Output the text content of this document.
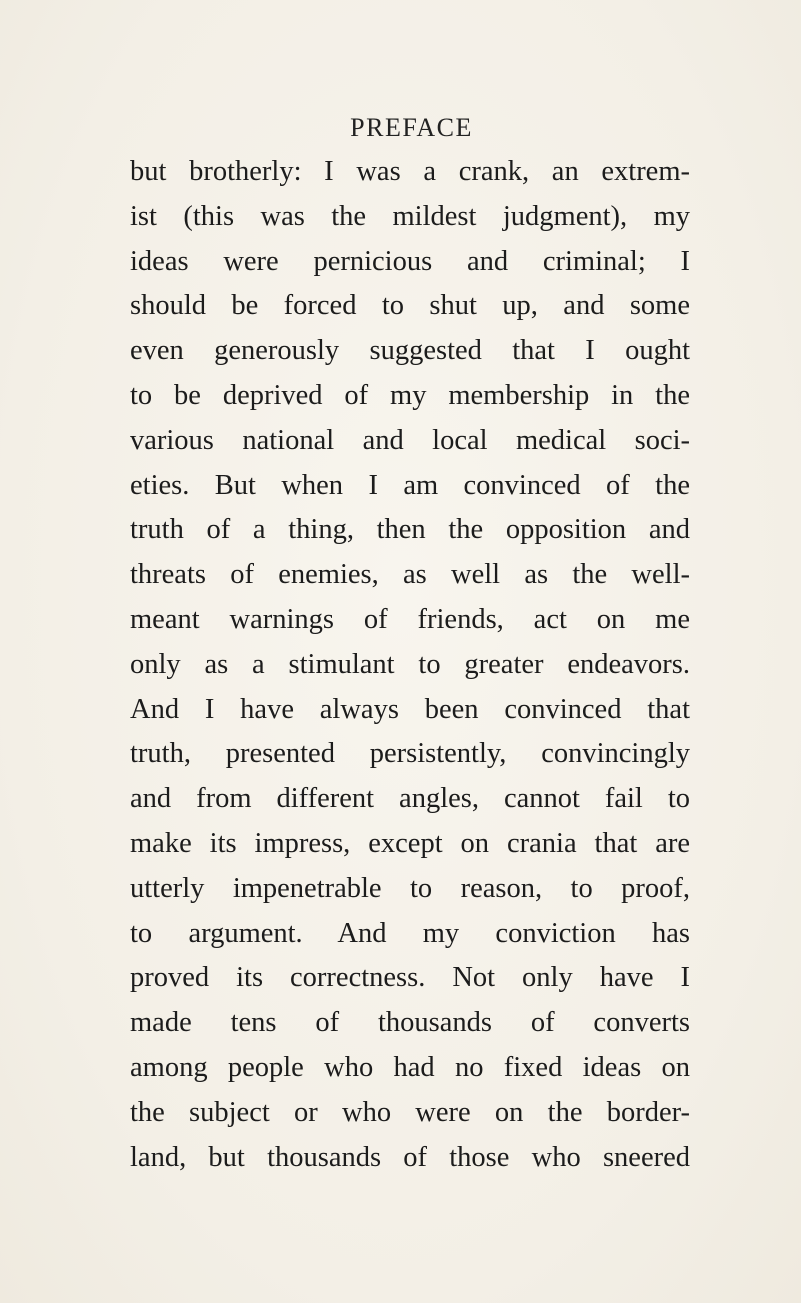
PREFACE
but brotherly: I was a crank, an extrem-
ist (this was the mildest judgment), my
ideas were pernicious and criminal; I
should be forced to shut up, and some
even generously suggested that I ought
to be deprived of my membership in the
various national and local medical soci-
eties. But when I am convinced of the
truth of a thing, then the opposition and
threats of enemies, as well as the well-
meant warnings of friends, act on me
only as a stimulant to greater endeavors.
And I have always been convinced that
truth, presented persistently, convincingly
and from different angles, cannot fail to
make its impress, except on crania that are
utterly impenetrable to reason, to proof,
to argument. And my conviction has
proved its correctness. Not only have I
made tens of thousands of converts
among people who had no fixed ideas on
the subject or who were on the border-
land, but thousands of those who sneered
